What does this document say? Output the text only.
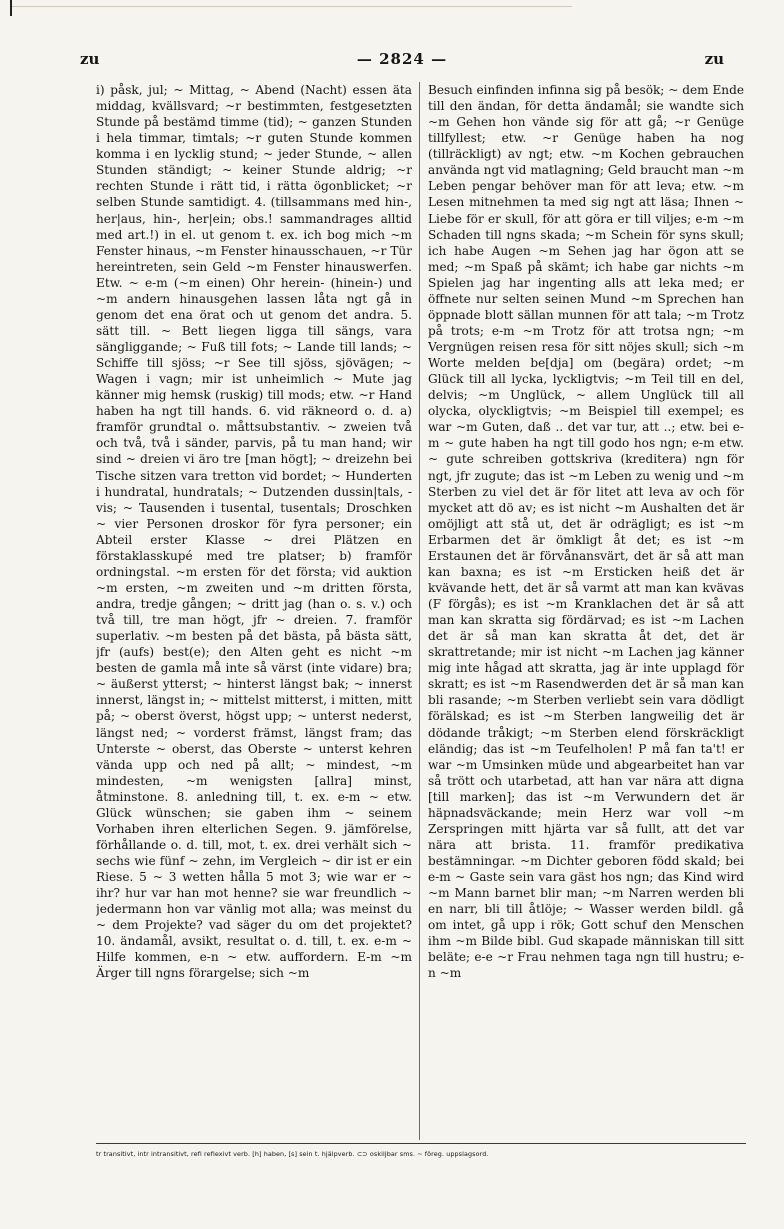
zu	— 2824 —	zu
i) påsk, jul; ~ Mittag, ~ Abend (Nacht) essen äta middag, kvällsvard; ~r bestimmten, festgesetzten Stunde på bestämd timme (tid); ~ ganzen Stunden i hela timmar, timtals; ~r guten Stunde kommen komma i en lycklig stund; ~ jeder Stunde, ~ allen Stunden ständigt; ~ keiner Stunde aldrig; ~r rechten Stunde i rätt tid, i rätta ögonblicket; ~r selben Stunde samtidigt. 4. (tillsammans med hin-, her|aus, hin-, her|ein; obs.! sammandrages alltid med art.!) in el. ut genom t. ex. ich bog mich ~m Fenster hinaus, ~m Fenster hinausschauen, ~r Tür hereintreten, sein Geld ~m Fenster hinauswerfen. Etw. ~ e-m (~m einen) Ohr herein- (hinein-) und ~m andern hinausgehen lassen låta ngt gå in genom det ena örat och ut genom det andra. 5. sätt till. ~ Bett liegen ligga till sängs, vara sängliggande; ~ Fuß till fots; ~ Lande till lands; ~ Schiffe till sjöss; ~r See till sjöss, sjövägen; ~ Wagen i vagn; mir ist unheimlich ~ Mute jag känner mig hemsk (ruskig) till mods; etw. ~r Hand haben ha ngt till hands. 6. vid räkneord o. d. a) framför grundtal o. måttsubstantiv. ~ zweien två och två, två i sänder, parvis, på tu man hand; wir sind ~ dreien vi äro tre [man högt]; ~ dreizehn bei Tische sitzen vara tretton vid bordet; ~ Hunderten i hundratal, hundratals; ~ Dutzenden dussin|tals, -vis; ~ Tausenden i tusental, tusentals; Droschken ~ vier Personen droskor för fyra personer; ein Abteil erster Klasse ~ drei Plätzen en förstaklasskupé med tre platser; b) framför ordningstal. ~m ersten för det första; vid auktion ~m ersten, ~m zweiten und ~m dritten första, andra, tredje gången; ~ dritt jag (han o. s. v.) och två till, tre man högt, jfr ~ dreien. 7. framför superlativ. ~m besten på det bästa, på bästa sätt, jfr (aufs) best(e); den Alten geht es nicht ~m besten de gamla må inte så värst (inte vidare) bra; ~ äußerst ytterst; ~ hinterst längst bak; ~ innerst innerst, längst in; ~ mittelst mitterst, i mitten, mitt på; ~ oberst överst, högst upp; ~ unterst nederst, längst ned; ~ vorderst främst, längst fram; das Unterste ~ oberst, das Oberste ~ unterst kehren vända upp och ned på allt; ~ mindest, ~m mindesten, ~m wenigsten [allra] minst, åtminstone. 8. anledning till, t. ex. e-m ~ etw. Glück wünschen; sie gaben ihm ~ seinem Vorhaben ihren elterlichen Segen. 9. jämförelse, förhållande o. d. till, mot, t. ex. drei verhält sich ~ sechs wie fünf ~ zehn, im Vergleich ~ dir ist er ein Riese. 5 ~ 3 wetten hålla 5 mot 3; wie war er ~ ihr? hur var han mot henne? sie war freundlich ~ jedermann hon var vänlig mot alla; was meinst du ~ dem Projekte? vad säger du om det projektet? 10. ändamål, avsikt, resultat o. d. till, t. ex. e-m ~ Hilfe kommen, e-n ~ etw. auffordern. E-m ~m Ärger till ngns förargelse; sich ~m
Besuch einfinden infinna sig på besök; ~ dem Ende till den ändan, för detta ändamål; sie wandte sich ~m Gehen hon vände sig för att gå; ~r Genüge tillfyllest; etw. ~r Genüge haben ha nog (tillräckligt) av ngt; etw. ~m Kochen gebrauchen använda ngt vid matlagning; Geld braucht man ~m Leben pengar behöver man för att leva; etw. ~m Lesen mitnehmen ta med sig ngt att läsa; Ihnen ~ Liebe för er skull, för att göra er till viljes; e-m ~m Schaden till ngns skada; ~m Schein för syns skull; ich habe Augen ~m Sehen jag har ögon att se med; ~m Spaß på skämt; ich habe gar nichts ~m Spielen jag har ingenting alls att leka med; er öffnete nur selten seinen Mund ~m Sprechen han öppnade blott sällan munnen för att tala; ~m Trotz på trots; e-m ~m Trotz för att trotsa ngn; ~m Vergnügen reisen resa för sitt nöjes skull; sich ~m Worte melden be[dja] om (begära) ordet; ~m Glück till all lycka, lyckligtvis; ~m Teil till en del, delvis; ~m Unglück, ~ allem Unglück till all olycka, olyckligtvis; ~m Beispiel till exempel; es war ~m Guten, daß .. det var tur, att ..; etw. bei e-m ~ gute haben ha ngt till godo hos ngn; e-m etw. ~ gute schreiben gottskriva (kreditera) ngn för ngt, jfr zugute; das ist ~m Leben zu wenig und ~m Sterben zu viel det är för litet att leva av och för mycket att dö av; es ist nicht ~m Aushalten det är omöjligt att stå ut, det är odrägligt; es ist ~m Erbarmen det är ömkligt åt det; es ist ~m Erstaunen det är förvånansvärt, det är så att man kan baxna; es ist ~m Ersticken heiß det är kvävande hett, det är så varmt att man kan kvävas (F förgås); es ist ~m Kranklachen det är så att man kan skratta sig fördärvad; es ist ~m Lachen det är så man kan skratta åt det, det är skrattretande; mir ist nicht ~m Lachen jag känner mig inte hågad att skratta, jag är inte upplagd för skratt; es ist ~m Rasendwerden det är så man kan bli rasande; ~m Sterben verliebt sein vara dödligt förälskad; es ist ~m Sterben langweilig det är dödande tråkigt; ~m Sterben elend förskräckligt eländig; das ist ~m Teufelholen! P må fan ta't! er war ~m Umsinken müde und abgearbeitet han var så trött och utarbetad, att han var nära att digna [till marken]; das ist ~m Verwundern det är häpnadsväckande; mein Herz war voll ~m Zerspringen mitt hjärta var så fullt, att det var nära att brista. 11. framför predikativa bestämningar. ~m Dichter geboren född skald; bei e-m ~ Gaste sein vara gäst hos ngn; das Kind wird ~m Mann barnet blir man; ~m Narren werden bli en narr, bli till åtlöje; ~ Wasser werden bildl. gå om intet, gå upp i rök; Gott schuf den Menschen ihm ~m Bilde bibl. Gud skapade människan till sitt beläte; e-e ~r Frau nehmen taga ngn till hustru; e-n ~m
tr transitivt, intr intransitivt, refl reflexivt verb. [h] haben, [s] sein t. hjälpverb. ⊂⊃ oskiljbar sms. ~ föreg. uppslagsord.
